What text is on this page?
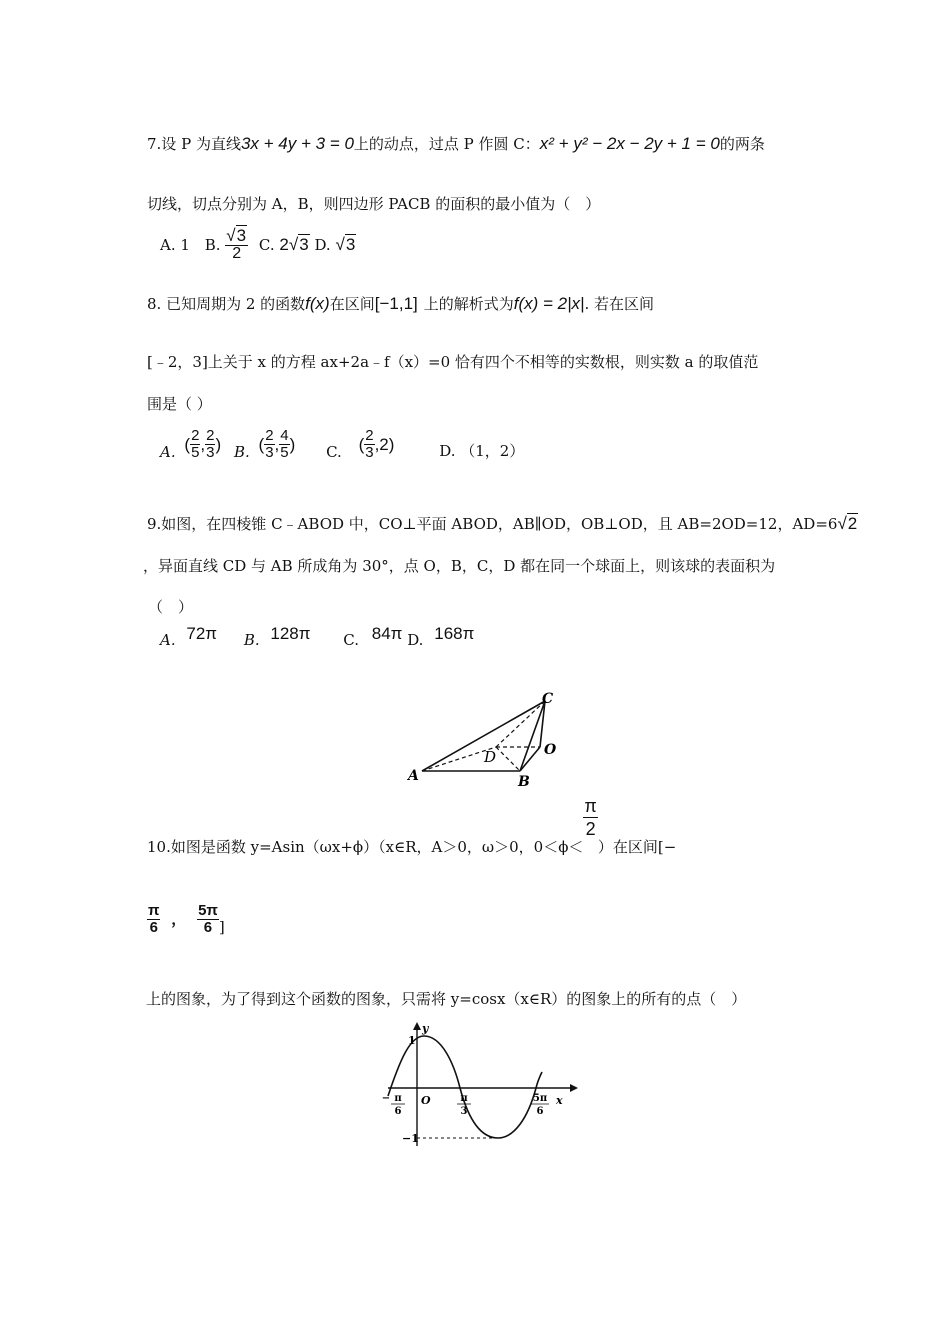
7.设 P 为直线3x + 4y + 3 = 0上的动点，过点 P 作圆 C：x² + y² − 2x − 2y + 1 = 0的两条
切线，切点分别为 A，B，则四边形 PACB 的面积的最小值为（　）
A. 1 B. $\frac{√3}{2} C$. 2√3 D. √3
8. 已知周期为 2 的函数f(x)在区间[−1,1] 上的解析式为f(x) = 2|x|. 若在区间
[﹣2，3]上关于 x 的方程 ax+2a﹣f（x）=0 恰有四个不相等的实数根，则实数 a 的取值范
围是（ ）
A. ( $\frac{2}{5}$ , $\frac{2}{3}$ ) B. ( $\frac{2}{3}$ , $\frac{4}{5}$ ) C. ( $\frac{2}{3} ,2$)	D. （1，2）
9.如图，在四棱锥 C﹣ABOD 中，CO⊥平面 ABOD，AB∥OD，OB⊥OD，且 AB=2OD=12，AD=6√2
，异面直线 CD 与 AB 所成角为 30°，点 O，B，C，D 都在同一个球面上，则该球的表面积为
（　）
A. 72π B. 128π C. 84π D. 168π
A	B
C
D	O
10.如图是函数 y=Asin（ωx+ϕ）（x∈R，A＞0，ω＞0，0＜ϕ＜
$\frac{\pi}{2}$
）在区间[−
$\frac{\pi}{6}$ ， $\frac{5\pi}{6}$ ]
上的图象，为了得到这个函数的图象，只需将 y=cosx（x∈R）的图象上的所有的点（　）
y
x
O
1
−1
− π
6
π
3
5π
6
